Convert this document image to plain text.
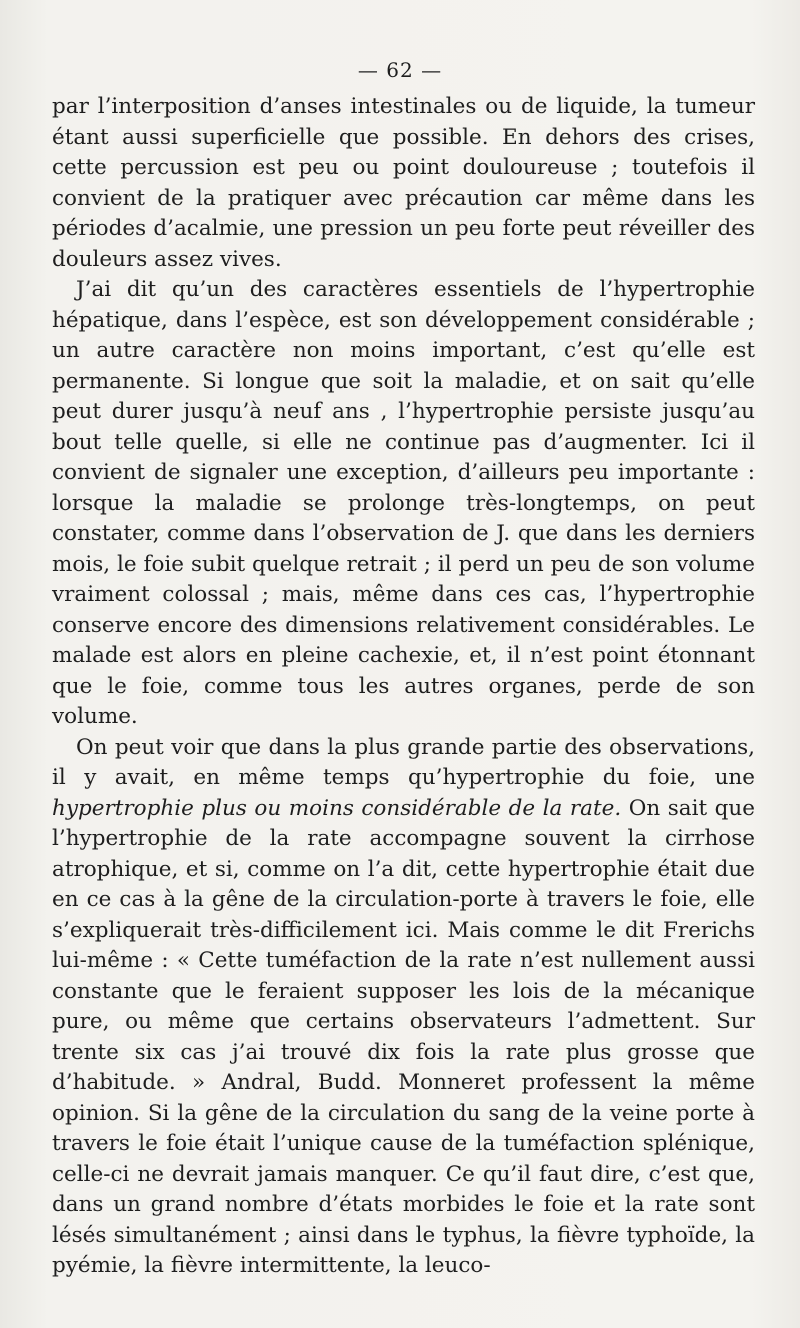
— 62 —

par l’interposition d’anses intestinales ou de liquide, la tumeur étant aussi superficielle que possible. En dehors des crises, cette percussion est peu ou point douloureuse ; toutefois il convient de la pratiquer avec précaution car même dans les périodes d’acalmie, une pression un peu forte peut réveiller des douleurs assez vives.

J’ai dit qu’un des caractères essentiels de l’hypertrophie hépatique, dans l’espèce, est son développement considérable ; un autre caractère non moins important, c’est qu’elle est permanente. Si longue que soit la maladie, et on sait qu’elle peut durer jusqu’à neuf ans , l’hypertrophie persiste jusqu’au bout telle quelle, si elle ne continue pas d’augmenter. Ici il convient de signaler une exception, d’ailleurs peu importante : lorsque la maladie se prolonge très-longtemps, on peut constater, comme dans l’observation de J. que dans les derniers mois, le foie subit quelque retrait ; il perd un peu de son volume vraiment colossal ; mais, même dans ces cas, l’hypertrophie conserve encore des dimensions relativement considérables. Le malade est alors en pleine cachexie, et, il n’est point étonnant que le foie, comme tous les autres organes, perde de son volume.

On peut voir que dans la plus grande partie des observations, il y avait, en même temps qu’hypertrophie du foie, une hypertrophie plus ou moins considérable de la rate. On sait que l’hypertrophie de la rate accompagne souvent la cirrhose atrophique, et si, comme on l’a dit, cette hypertrophie était due en ce cas à la gêne de la circulation-porte à travers le foie, elle s’expliquerait très-difficilement ici. Mais comme le dit Frerichs lui-même : « Cette tuméfaction de la rate n’est nullement aussi constante que le feraient supposer les lois de la mécanique pure, ou même que certains observateurs l’admettent. Sur trente six cas j’ai trouvé dix fois la rate plus grosse que d’habitude. » Andral, Budd. Monneret professent la même opinion. Si la gêne de la circulation du sang de la veine porte à travers le foie était l’unique cause de la tuméfaction splénique, celle-ci ne devrait jamais manquer. Ce qu’il faut dire, c’est que, dans un grand nombre d’états morbides le foie et la rate sont lésés simultanément ; ainsi dans le typhus, la fièvre typhoïde, la pyémie, la fièvre intermittente, la leuco-
